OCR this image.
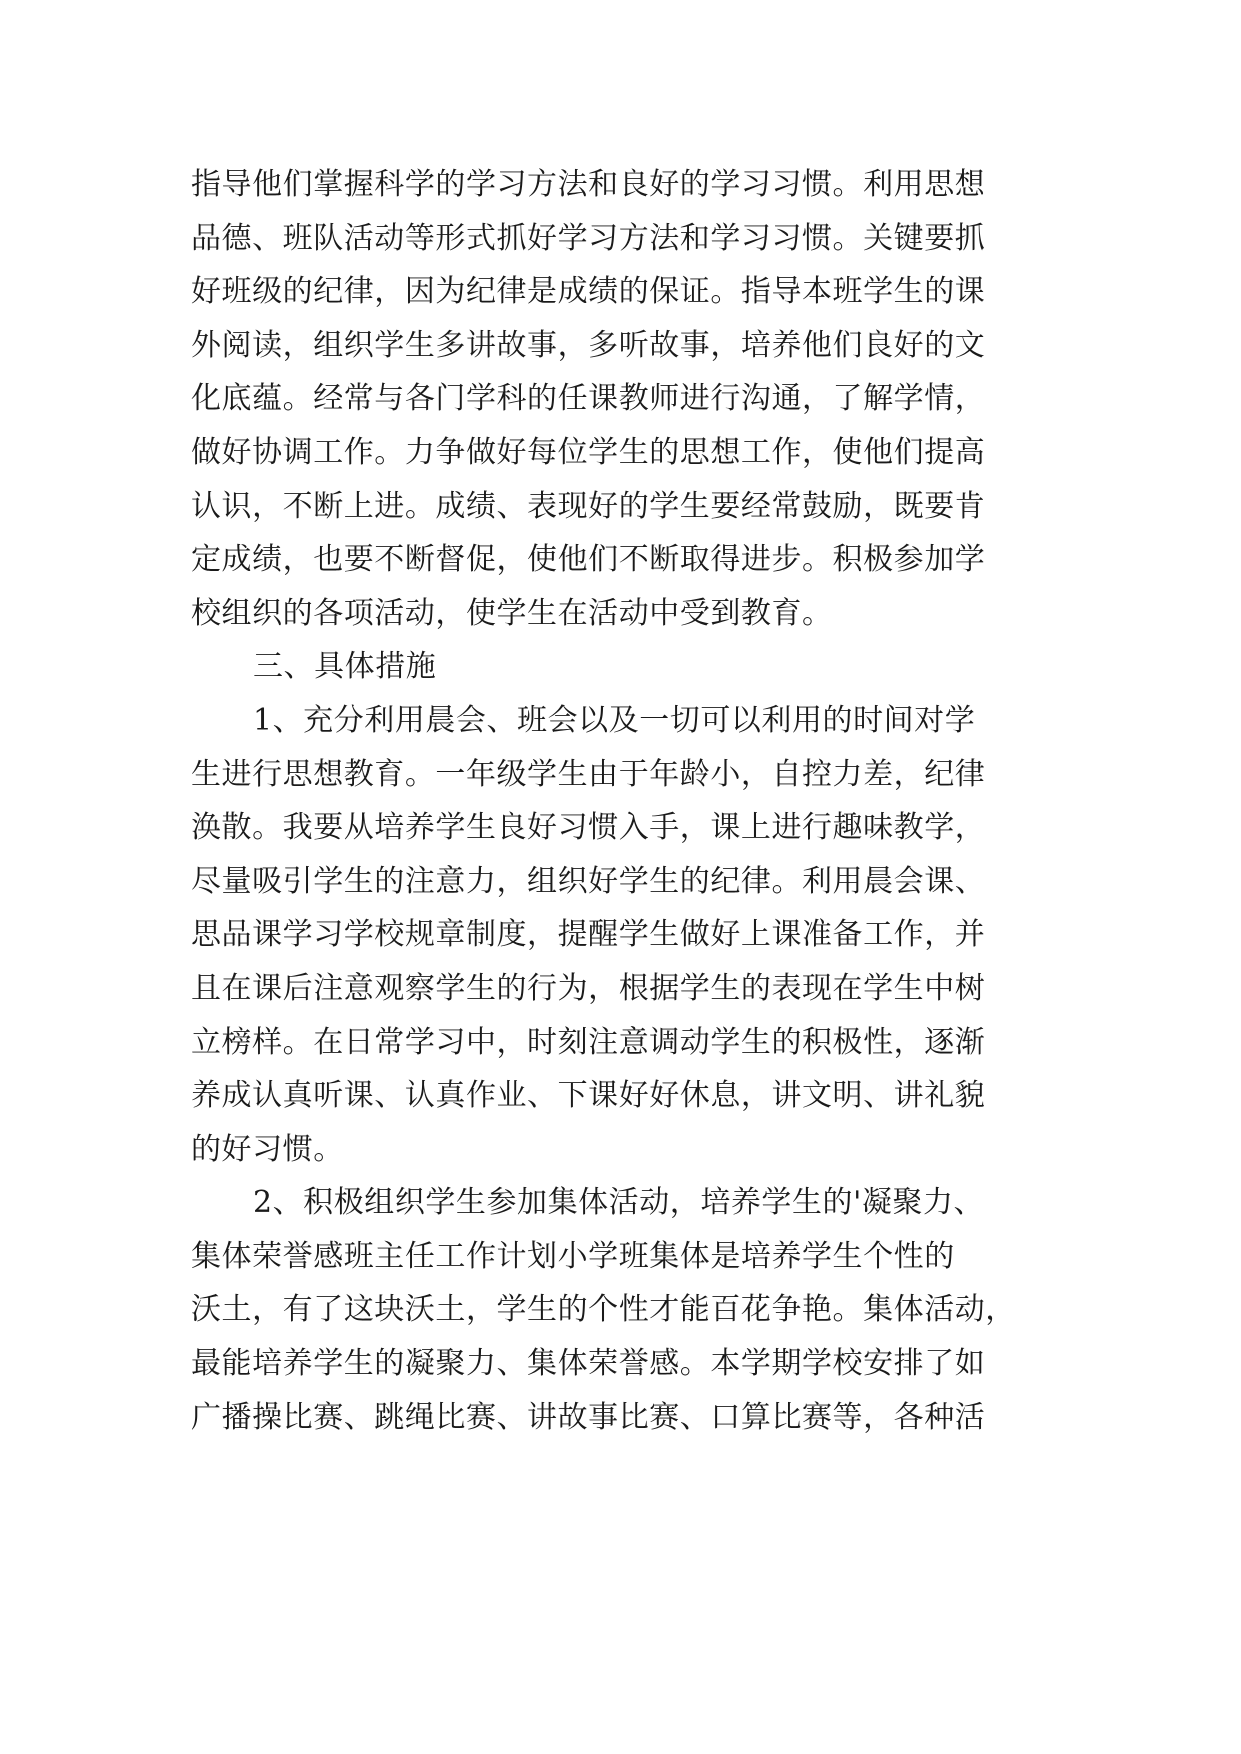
指导他们掌握科学的学习方法和良好的学习习惯。利用思想
品德、班队活动等形式抓好学习方法和学习习惯。关键要抓
好班级的纪律，因为纪律是成绩的保证。指导本班学生的课
外阅读，组织学生多讲故事，多听故事，培养他们良好的文
化底蕴。经常与各门学科的任课教师进行沟通，了解学情，
做好协调工作。力争做好每位学生的思想工作，使他们提高
认识，不断上进。成绩、表现好的学生要经常鼓励，既要肯
定成绩，也要不断督促，使他们不断取得进步。积极参加学
校组织的各项活动，使学生在活动中受到教育。
三、具体措施
1、充分利用晨会、班会以及一切可以利用的时间对学
生进行思想教育。一年级学生由于年龄小，自控力差，纪律
涣散。我要从培养学生良好习惯入手，课上进行趣味教学，
尽量吸引学生的注意力，组织好学生的纪律。利用晨会课、
思品课学习学校规章制度，提醒学生做好上课准备工作，并
且在课后注意观察学生的行为，根据学生的表现在学生中树
立榜样。在日常学习中，时刻注意调动学生的积极性，逐渐
养成认真听课、认真作业、下课好好休息，讲文明、讲礼貌
的好习惯。
2、积极组织学生参加集体活动，培养学生的'凝聚力、
集体荣誉感班主任工作计划小学班集体是培养学生个性的
沃土，有了这块沃土，学生的个性才能百花争艳。集体活动，
最能培养学生的凝聚力、集体荣誉感。本学期学校安排了如
广播操比赛、跳绳比赛、讲故事比赛、口算比赛等，各种活
